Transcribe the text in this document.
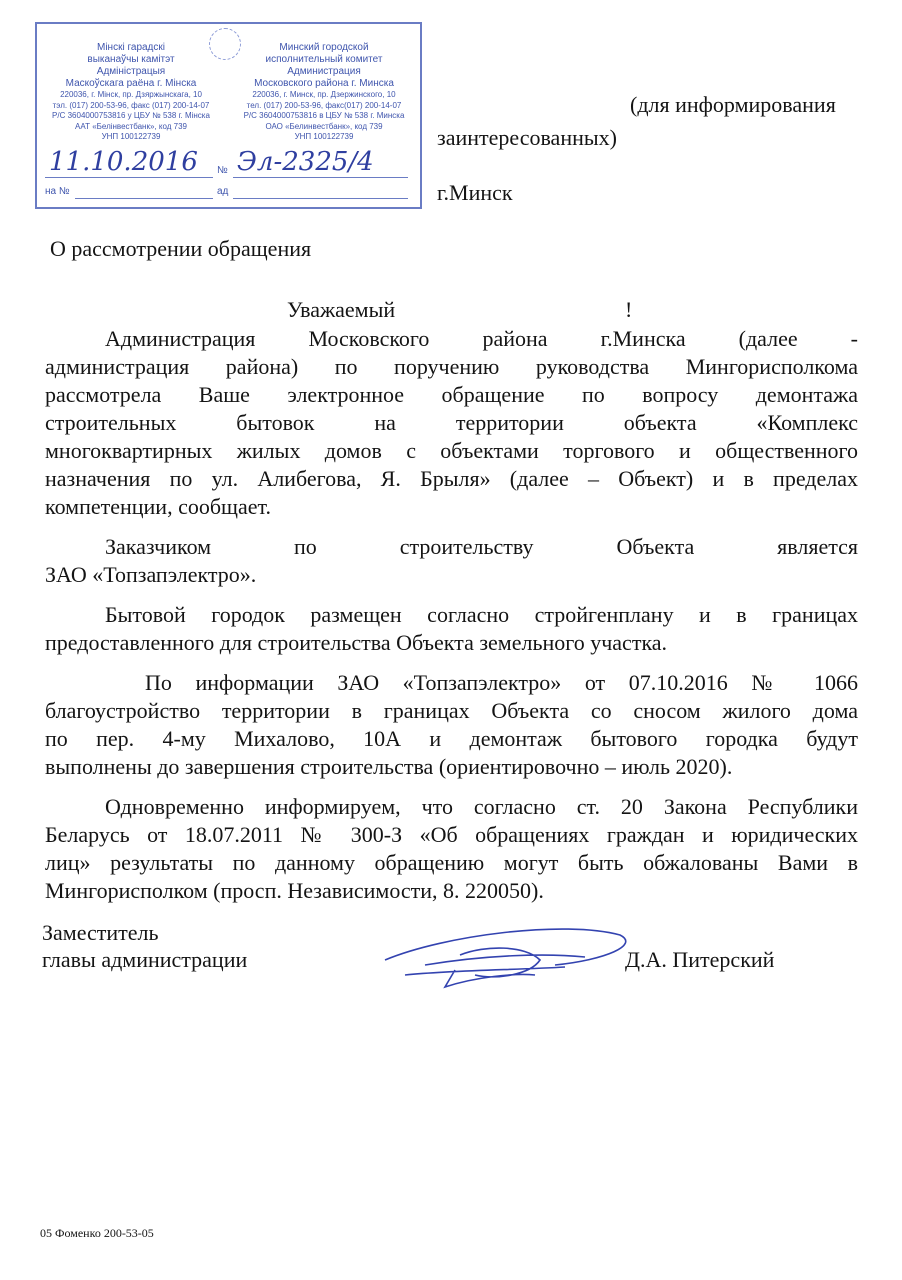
Мінскі гарадскі
выканаўчы камітэт
Адміністрацыя
Маскоўскага раёна г. Мінска
220036, г. Мінск, пр. Дзяржынскага, 10
тэл. (017) 200-53-96, факс (017) 200-14-07
Р/С 3604000753816 у ЦБУ № 538 г. Мінска
ААТ «Белінвестбанк», код 739
УНП 100122739
Минский городской
исполнительный комитет
Администрация
Московского района г. Минска
220036, г. Минск, пр. Дзержинского, 10
тел. (017) 200-53-96, факс(017) 200-14-07
Р/С 3604000753816 в ЦБУ № 538 г. Минска
ОАО «Белинвестбанк», код 739
УНП 100122739
11.10.2016 № Эл-2325/4
на №	ад
(для информирования
заинтересованных)
г.Минск
О рассмотрении обращения
Уважаемый	!
Администрация Московского района г.Минска (далее -
администрация района) по поручению руководства Мингорисполкома
рассмотрела Ваше электронное обращение по вопросу демонтажа
строительных бытовок на территории объекта «Комплекс
многоквартирных жилых домов с объектами торгового и общественного
назначения по ул. Алибегова, Я. Брыля» (далее – Объект) и в пределах
компетенции, сообщает.
Заказчиком по строительству Объекта является
ЗАО «Топзапэлектро».
Бытовой городок размещен согласно стройгенплану и в границах
предоставленного для строительства Объекта земельного участка.
По информации ЗАО «Топзапэлектро» от 07.10.2016 № 1066
благоустройство территории в границах Объекта со сносом жилого дома
по пер. 4-му Михалово, 10А и демонтаж бытового городка будут
выполнены до завершения строительства (ориентировочно – июль 2020).
Одновременно информируем, что согласно ст. 20 Закона Республики
Беларусь от 18.07.2011 № 300-З «Об обращениях граждан и юридических
лиц» результаты по данному обращению могут быть обжалованы Вами в
Мингорисполком (просп. Независимости, 8. 220050).
Заместитель
главы администрации	Д.А. Питерский
05 Фоменко 200-53-05
